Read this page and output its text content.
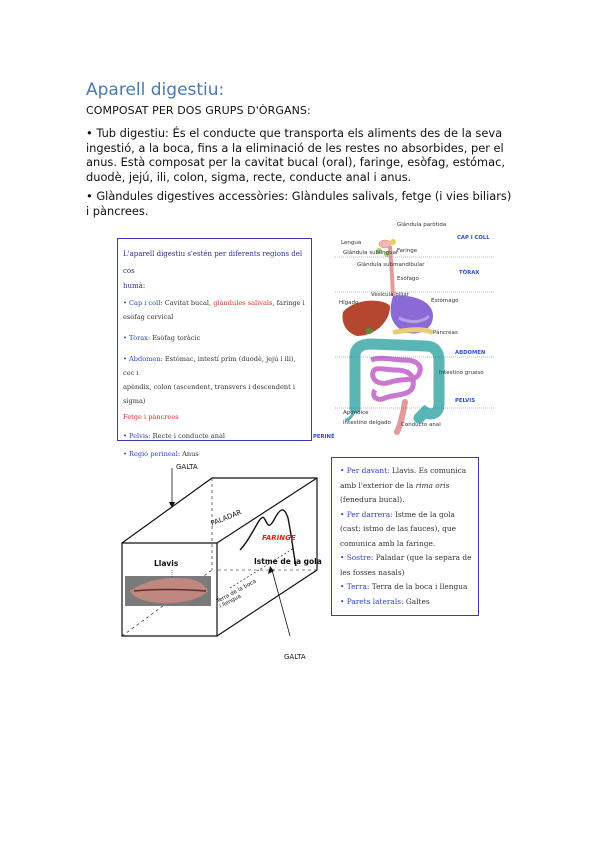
Aparell digestiu:
COMPOSAT PER DOS GRUPS D'ÒRGANS:
• Tub digestiu: És el conducte que transporta els aliments des de la seva ingestió, a la boca, fins a la eliminació de les restes no absorbides, per el anus. Està composat per la cavitat bucal (oral), faringe, esòfag, estómac, duodè, jejú, ili, colon, sigma, recte, conducte anal i anus.
• Glàndules digestives accessòries: Glàndules salivals, fetge (i vies biliars) i pàncrees.
L'aparell digestiu s'estén per diferents regions del cos
humà:
• Cap i coll: Cavitat bucal, glàndules salivals, faringe i
esòfag cervical
• Tòrax: Esòfag toràcic
• Abdomen: Estómac, intestí prim (duodè, jejú i ili), cec i
apèndix, colon (ascendent, transvers i descendent i sigma)
Fetge i pàncrees
• Pelvis: Recte i conducte anal
• Regió perineal: Anus
Glándula parótida
Lengua
Glándula sublingual
Glándula submandibular
Faringe
Esófago
Vesícula biliar
Hígado	Estómago
Páncreas
Intestino grueso
Apéndice
Intestino delgado Conducto anal
CAP I COLL
TÒRAX
ABDOMEN
PELVIS
PERINÉ
GALTA
PALADAR
FARINGE
Llavis	Istme de la gola
Terra de la boca i llengua
GALTA
• Per davant: Llavis. Es comunica
amb l'exterior de la rima oris
(fenedura bucal).
• Per darrera: Istme de la gola
(cast: istmo de las fauces), que
comunica amb la faringe.
• Sostre: Paladar (que la separa de
les fosses nasals)
• Terra: Terra de la boca i llengua
• Parets laterals: Galtes
